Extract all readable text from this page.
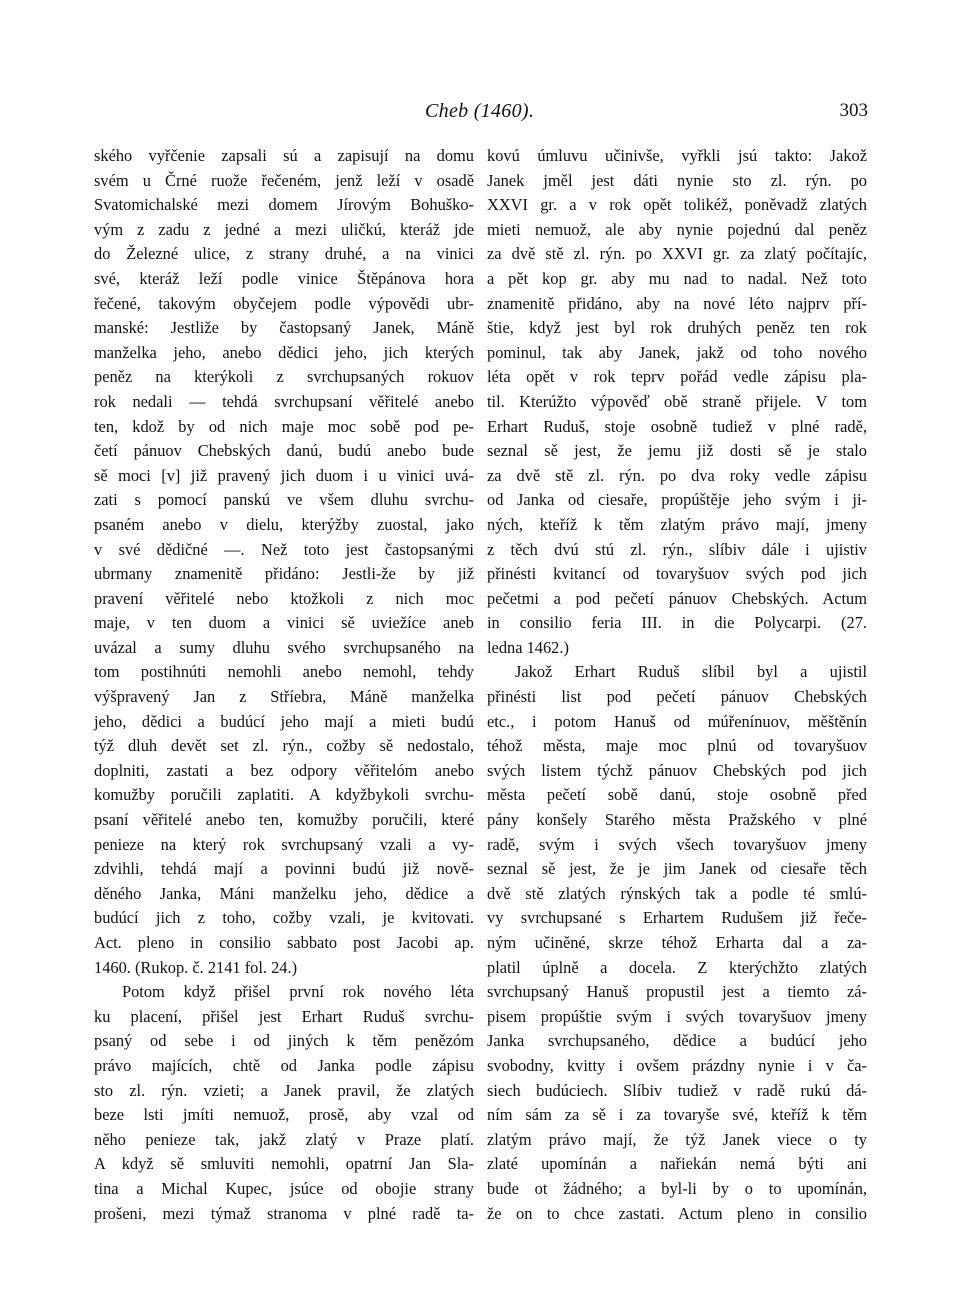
Cheb (1460).	303
ského vyřčenie zapsali sú a zapisují na domu
svém u Črné ruože řečeném, jenž leží v osadě
Svatomichalské mezi domem Jírovým Bohuško-
vým z zadu z jedné a mezi uličkú, kteráž jde
do Železné ulice, z strany druhé, a na vinici
své, kteráž leží podle vinice Štěpánova hora
řečené, takovým obyčejem podle výpovědi ubr-
manské: Jestliže by častopsaný Janek, Máně
manželka jeho, anebo dědici jeho, jich kterých
peněz na kterýkoli z svrchupsaných rokuov
rok nedali — tehdá svrchupsaní věřitelé anebo
ten, kdož by od nich maje moc sobě pod pe-
četí pánuov Chebských danú, budú anebo bude
sě moci [v] již pravený jich duom i u vinici uvá-
zati s pomocí panskú ve všem dluhu svrchu-
psaném anebo v dielu, kterýžby zuostal, jako
v své dědičné —. Než toto jest častopsanými
ubrmany znamenitě přidáno: Jestli-že by již
pravení věřitelé nebo ktožkoli z nich moc
maje, v ten duom a vinici sě uviežíce aneb
uvázal a sumy dluhu svého svrchupsaného na
tom postihnúti nemohli anebo nemohl, tehdy
výšpravený Jan z Stříebra, Máně manželka
jeho, dědici a budúcí jeho mají a mieti budú
týž dluh devět set zl. rýn., cožby sě nedostalo,
doplniti, zastati a bez odpory věřitelóm anebo
komužby poručili zaplatiti. A kdyžbykoli svrchu-
psaní věřitelé anebo ten, komužby poručili, které
penieze na který rok svrchupsaný vzali a vy-
zdvihli, tehdá mají a povinni budú již nově-
děného Janka, Máni manželku jeho, dědice a
budúcí jich z toho, cožby vzali, je kvitovati.
Act. pleno in consilio sabbato post Jacobi ap.
1460. (Rukop. č. 2141 fol. 24.)
Potom když přišel první rok nového léta
ku placení, přišel jest Erhart Ruduš svrchu-
psaný od sebe i od jiných k těm penězóm
právo majících, chtě od Janka podle zápisu
sto zl. rýn. vzieti; a Janek pravil, že zlatých
beze lsti jmíti nemuož, prosě, aby vzal od
něho penieze tak, jakž zlatý v Praze platí.
A když sě smluviti nemohli, opatrní Jan Sla-
tina a Michal Kupec, jsúce od obojie strany
prošeni, mezi týmaž stranoma v plné radě ta-
kovú úmluvu učinivše, vyřkli jsú takto: Jakož
Janek jměl jest dáti nynie sto zl. rýn. po
XXVI gr. a v rok opět tolikéž, poněvadž zlatých
mieti nemuož, ale aby nynie pojednú dal peněz
za dvě stě zl. rýn. po XXVI gr. za zlatý počítajíc,
a pět kop gr. aby mu nad to nadal. Než toto
znamenitě přidáno, aby na nové léto najprv pří-
štie, když jest byl rok druhých peněz ten rok
pominul, tak aby Janek, jakž od toho nového
léta opět v rok teprv pořád vedle zápisu pla-
til. Kterúžto výpověď obě straně přijele. V tom
Erhart Ruduš, stoje osobně tudiež v plné radě,
seznal sě jest, že jemu již dosti sě je stalo
za dvě stě zl. rýn. po dva roky vedle zápisu
od Janka od ciesaře, propúštěje jeho svým i ji-
ných, kteříž k těm zlatým právo mají, jmeny
z těch dvú stú zl. rýn., slíbiv dále i ujistiv
přinésti kvitancí od tovaryšuov svých pod jich
pečetmi a pod pečetí pánuov Chebských. Actum
in consilio feria III. in die Polycarpi. (27.
ledna 1462.)
Jakož Erhart Ruduš slíbil byl a ujistil
přinésti list pod pečetí pánuov Chebských
etc., i potom Hanuš od múřenínuov, měštěnín
téhož města, maje moc plnú od tovaryšuov
svých listem týchž pánuov Chebských pod jich
města pečetí sobě danú, stoje osobně před
pány konšely Starého města Pražského v plné
radě, svým i svých všech tovaryšuov jmeny
seznal sě jest, že je jim Janek od ciesaře těch
dvě stě zlatých rýnských tak a podle té smlú-
vy svrchupsané s Erhartem Rudušem již řeče-
ným učiněné, skrze téhož Erharta dal a za-
platil úplně a docela. Z kterýchžto zlatých
svrchupsaný Hanuš propustil jest a tiemto zá-
pisem propúštie svým i svých tovaryšuov jmeny
Janka svrchupsaného, dědice a budúcí jeho
svobodny, kvitty i ovšem prázdny nynie i v ča-
siech budúciech. Slíbiv tudiež v radě rukú dá-
ním sám za sě i za tovaryše své, kteříž k těm
zlatým právo mají, že týž Janek viece o ty
zlaté upomínán a nařiekán nemá býti ani
bude ot žádného; a byl-li by o to upomínán,
že on to chce zastati. Actum pleno in consilio
